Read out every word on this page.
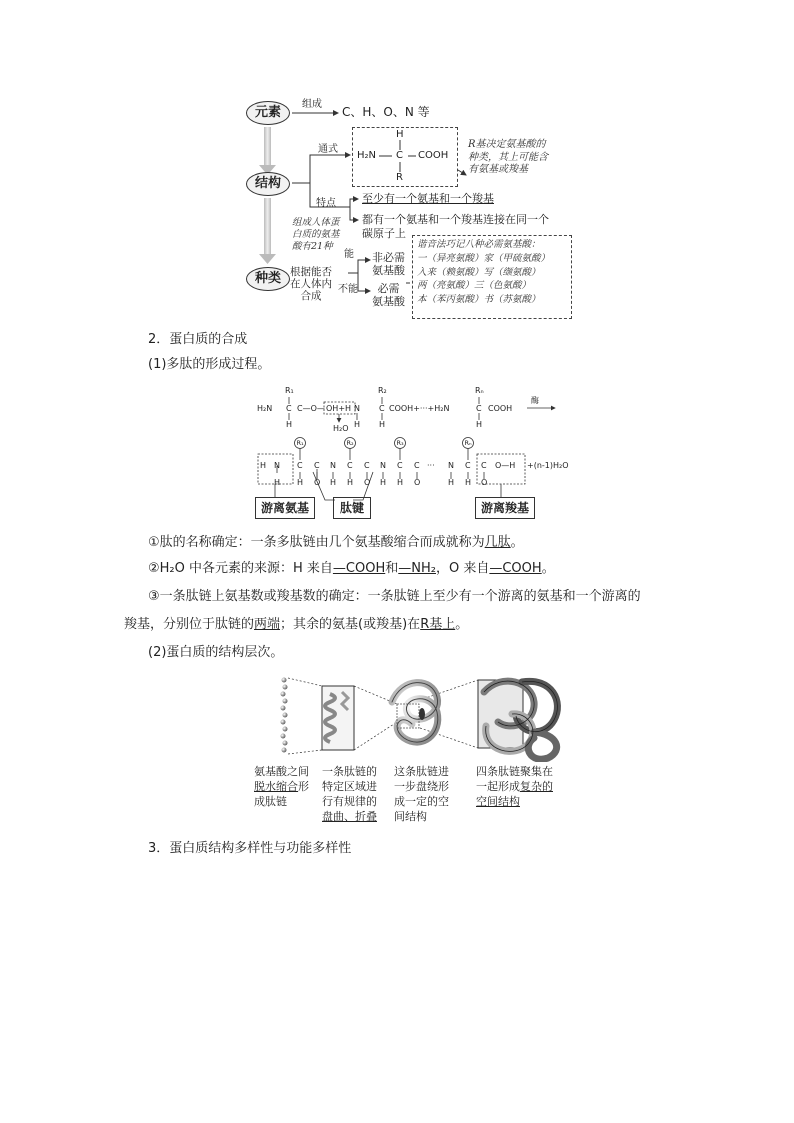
元素
结构
种类
组成
C、H、O、N 等
通式
H
H₂N C COOH
R
R基决定氨基酸的
种类，其上可能含
有氨基或羧基
特点 至少有一个氨基和一个羧基
都有一个氨基和一个羧基连接在同一个
碳原子上
组成人体蛋
白质的氨基
酸有21种
根据能否
在人体内
合成
能
不能
非必需
氨基酸
必需
氨基酸
谐音法巧记八种必需氨基酸：
一（异亮氨酸）家（甲硫氨酸）
入来（赖氨酸）写（缬氨酸）
两（亮氨酸）三（色氨酸）
本（苯丙氨酸）书（苏氨酸）
2．蛋白质的合成
(1)多肽的形成过程。
R₁
H₂N C C—O— OH+H N
H	H
R₂
C COOH+···+H₂N
H
Rₙ
C COOH
H
酶
H₂O
R₁	R₂	R₃	Rₙ
H N C C N C C N C C ··· N C C O—H +(n-1)H₂O
H H O H H O H H O	H H O
游离氨基	肽键	游离羧基
①肽的名称确定：一条多肽链由几个氨基酸缩合而成就称为几肽。
②H₂O 中各元素的来源：H 来自—COOH和—NH₂，O 来自—COOH。
③一条肽链上氨基数或羧基数的确定：一条肽链上至少有一个游离的氨基和一个游离的
羧基，分别位于肽链的两端；其余的氨基(或羧基)在R基上。
(2)蛋白质的结构层次。
氨基酸之间
脱水缩合形
成肽链
一条肽链的
特定区域进
行有规律的
盘曲、折叠
这条肽链进
一步盘绕形
成一定的空
间结构
四条肽链聚集在
一起形成复杂的
空间结构
3．蛋白质结构多样性与功能多样性
